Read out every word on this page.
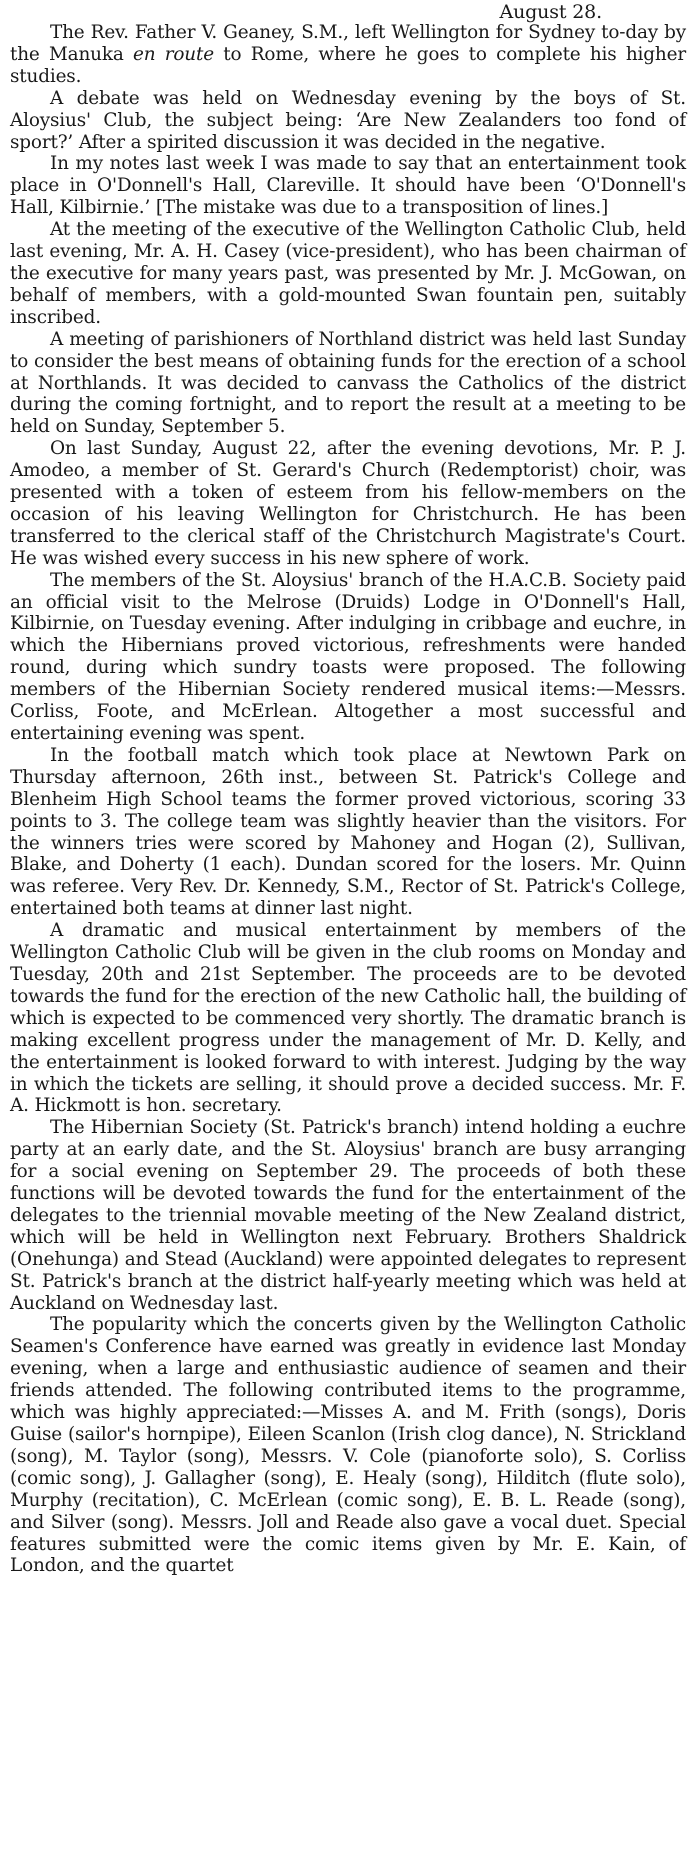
August 28.

The Rev. Father V. Geaney, S.M., left Wellington for Sydney to-day by the Manuka en route to Rome, where he goes to complete his higher studies.

A debate was held on Wednesday evening by the boys of St. Aloysius' Club, the subject being: ‘Are New Zealanders too fond of sport?’ After a spirited discussion it was decided in the negative.

In my notes last week I was made to say that an entertainment took place in O'Donnell's Hall, Clareville. It should have been ‘O'Donnell's Hall, Kilbirnie.’ [The mistake was due to a transposition of lines.]

At the meeting of the executive of the Wellington Catholic Club, held last evening, Mr. A. H. Casey (vice-president), who has been chairman of the executive for many years past, was presented by Mr. J. McGowan, on behalf of members, with a gold-mounted Swan fountain pen, suitably inscribed.

A meeting of parishioners of Northland district was held last Sunday to consider the best means of obtaining funds for the erection of a school at Northlands. It was decided to canvass the Catholics of the district during the coming fortnight, and to report the result at a meeting to be held on Sunday, September 5.

On last Sunday, August 22, after the evening devotions, Mr. P. J. Amodeo, a member of St. Gerard's Church (Redemptorist) choir, was presented with a token of esteem from his fellow-members on the occasion of his leaving Wellington for Christchurch. He has been transferred to the clerical staff of the Christchurch Magistrate's Court. He was wished every success in his new sphere of work.

The members of the St. Aloysius' branch of the H.A.C.B. Society paid an official visit to the Melrose (Druids) Lodge in O'Donnell's Hall, Kilbirnie, on Tuesday evening. After indulging in cribbage and euchre, in which the Hibernians proved victorious, refreshments were handed round, during which sundry toasts were proposed. The following members of the Hibernian Society rendered musical items:—Messrs. Corliss, Foote, and McErlean. Altogether a most successful and entertaining evening was spent.

In the football match which took place at Newtown Park on Thursday afternoon, 26th inst., between St. Patrick's College and Blenheim High School teams the former proved victorious, scoring 33 points to 3. The college team was slightly heavier than the visitors. For the winners tries were scored by Mahoney and Hogan (2), Sullivan, Blake, and Doherty (1 each). Dundan scored for the losers. Mr. Quinn was referee. Very Rev. Dr. Kennedy, S.M., Rector of St. Patrick's College, entertained both teams at dinner last night.

A dramatic and musical entertainment by members of the Wellington Catholic Club will be given in the club rooms on Monday and Tuesday, 20th and 21st September. The proceeds are to be devoted towards the fund for the erection of the new Catholic hall, the building of which is expected to be commenced very shortly. The dramatic branch is making excellent progress under the management of Mr. D. Kelly, and the entertainment is looked forward to with interest. Judging by the way in which the tickets are selling, it should prove a decided success. Mr. F. A. Hickmott is hon. secretary.

The Hibernian Society (St. Patrick's branch) intend holding a euchre party at an early date, and the St. Aloysius' branch are busy arranging for a social evening on September 29. The proceeds of both these functions will be devoted towards the fund for the entertainment of the delegates to the triennial movable meeting of the New Zealand district, which will be held in Wellington next February. Brothers Shaldrick (Onehunga) and Stead (Auckland) were appointed delegates to represent St. Patrick's branch at the district half-yearly meeting which was held at Auckland on Wednesday last.

The popularity which the concerts given by the Wellington Catholic Seamen's Conference have earned was greatly in evidence last Monday evening, when a large and enthusiastic audience of seamen and their friends attended. The following contributed items to the programme, which was highly appreciated:—Misses A. and M. Frith (songs), Doris Guise (sailor's hornpipe), Eileen Scanlon (Irish clog dance), N. Strickland (song), M. Taylor (song), Messrs. V. Cole (pianoforte solo), S. Corliss (comic song), J. Gallagher (song), E. Healy (song), Hilditch (flute solo), Murphy (recitation), C. McErlean (comic song), E. B. L. Reade (song), and Silver (song). Messrs. Joll and Reade also gave a vocal duet. Special features submitted were the comic items given by Mr. E. Kain, of London, and the quartet
